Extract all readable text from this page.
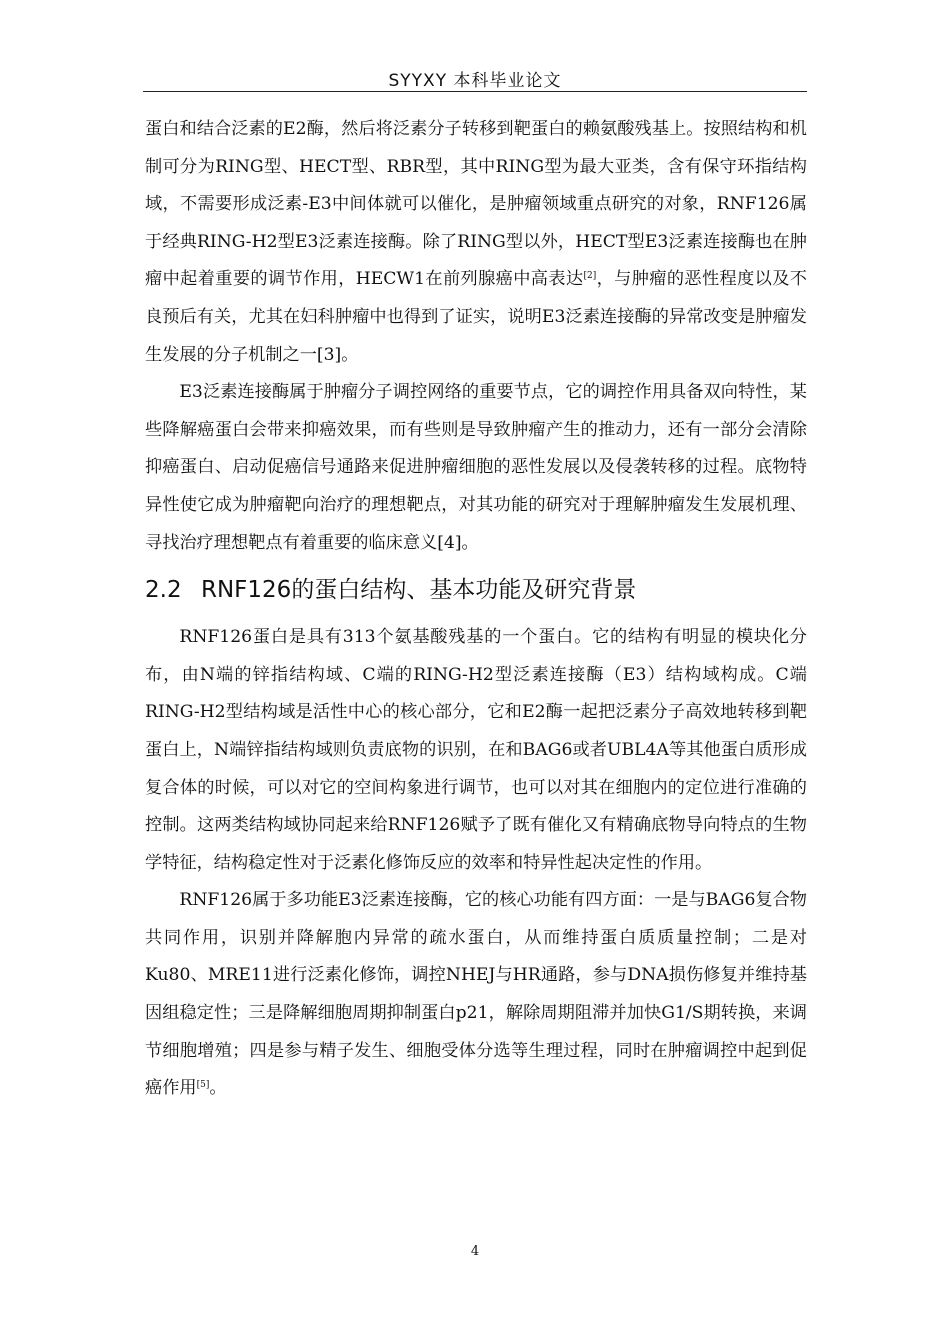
SYYXY 本科毕业论文

蛋白和结合泛素的E2酶，然后将泛素分子转移到靶蛋白的赖氨酸残基上。按照结构和机制可分为RING型、HECT型、RBR型，其中RING型为最大亚类，含有保守环指结构域，不需要形成泛素-E3中间体就可以催化，是肿瘤领域重点研究的对象，RNF126属于经典RING-H2型E3泛素连接酶。除了RING型以外，HECT型E3泛素连接酶也在肿瘤中起着重要的调节作用，HECW1在前列腺癌中高表达[2]，与肿瘤的恶性程度以及不良预后有关，尤其在妇科肿瘤中也得到了证实，说明E3泛素连接酶的异常改变是肿瘤发生发展的分子机制之一[3]。

E3泛素连接酶属于肿瘤分子调控网络的重要节点，它的调控作用具备双向特性，某些降解癌蛋白会带来抑癌效果，而有些则是导致肿瘤产生的推动力，还有一部分会清除抑癌蛋白、启动促癌信号通路来促进肿瘤细胞的恶性发展以及侵袭转移的过程。底物特异性使它成为肿瘤靶向治疗的理想靶点，对其功能的研究对于理解肿瘤发生发展机理、寻找治疗理想靶点有着重要的临床意义[4]。

2.2 RNF126的蛋白结构、基本功能及研究背景

RNF126蛋白是具有313个氨基酸残基的一个蛋白。它的结构有明显的模块化分布，由N端的锌指结构域、C端的RING-H2型泛素连接酶（E3）结构域构成。C端RING-H2型结构域是活性中心的核心部分，它和E2酶一起把泛素分子高效地转移到靶蛋白上，N端锌指结构域则负责底物的识别，在和BAG6或者UBL4A等其他蛋白质形成复合体的时候，可以对它的空间构象进行调节，也可以对其在细胞内的定位进行准确的控制。这两类结构域协同起来给RNF126赋予了既有催化又有精确底物导向特点的生物学特征，结构稳定性对于泛素化修饰反应的效率和特异性起决定性的作用。

RNF126属于多功能E3泛素连接酶，它的核心功能有四方面：一是与BAG6复合物共同作用，识别并降解胞内异常的疏水蛋白，从而维持蛋白质质量控制；二是对Ku80、MRE11进行泛素化修饰，调控NHEJ与HR通路，参与DNA损伤修复并维持基因组稳定性；三是降解细胞周期抑制蛋白p21，解除周期阻滞并加快G1/S期转换，来调节细胞增殖；四是参与精子发生、细胞受体分选等生理过程，同时在肿瘤调控中起到促癌作用[5]。

4
